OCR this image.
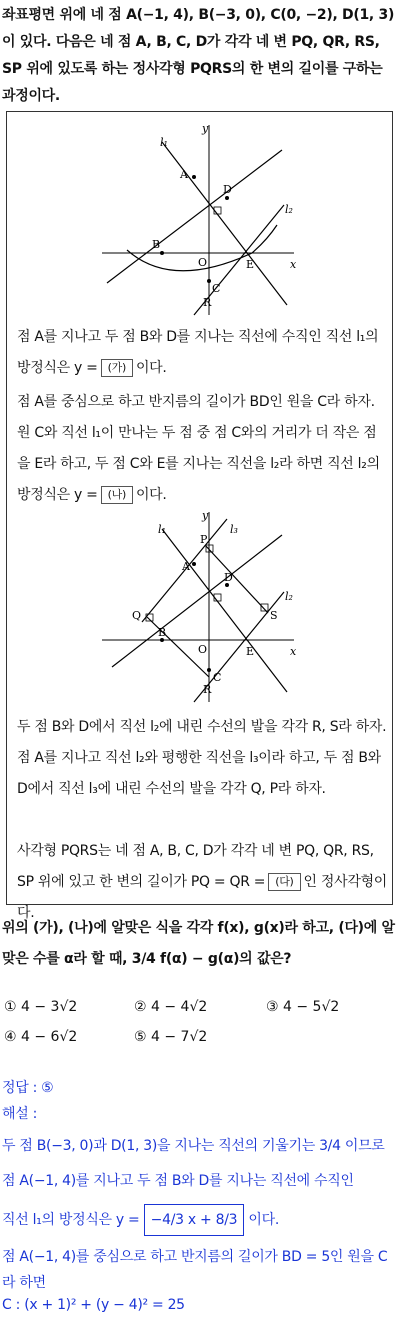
좌표평면 위에 네 점 A(−1, 4), B(−3, 0), C(0, −2), D(1, 3)이 있다. 다음은 네 점 A, B, C, D가 각각 네 변 PQ, QR, RS, SP 위에 있도록 하는 정사각형 PQRS의 한 변의 길이를 구하는 과정이다.
y
x
l₁
l₂
A
B
C
D
O	E
R
점 A를 지나고 두 점 B와 D를 지나는 직선에 수직인 직선 l₁의 방정식은 y = (가) 이다.
점 A를 중심으로 하고 반지름의 길이가 BD인 원을 C라 하자. 원 C와 직선 l₁이 만나는 두 점 중 점 C와의 거리가 더 작은 점을 E라 하고, 두 점 C와 E를 지나는 직선을 l₂라 하면 직선 l₂의 방정식은 y = (나) 이다.
y
x
l₁
l₂
l₃
A
B
C
D
O	E
P
Q
R
S
두 점 B와 D에서 직선 l₂에 내린 수선의 발을 각각 R, S라 하자. 점 A를 지나고 직선 l₂와 평행한 직선을 l₃이라 하고, 두 점 B와 D에서 직선 l₃에 내린 수선의 발을 각각 Q, P라 하자.
사각형 PQRS는 네 점 A, B, C, D가 각각 네 변 PQ, QR, RS, SP 위에 있고 한 변의 길이가 PQ = QR = (다) 인 정사각형이다.
위의 (가), (나)에 알맞은 식을 각각 f(x), g(x)라 하고, (다)에 알맞은 수를 α라 할 때, 3/4 f(α) − g(α)의 값은?
① 4 − 3√2	② 4 − 4√2	③ 4 − 5√2
④ 4 − 6√2	⑤ 4 − 7√2
정답 : ⑤
해설 :
두 점 B(−3, 0)과 D(1, 3)을 지나는 직선의 기울기는 3/4 이므로
점 A(−1, 4)를 지나고 두 점 B와 D를 지나는 직선에 수직인
직선 l₁의 방정식은 y = −4/3 x + 8/3 이다.
점 A(−1, 4)를 중심으로 하고 반지름의 길이가 BD = 5인 원을 C라 하면
C : (x + 1)² + (y − 4)² = 25
